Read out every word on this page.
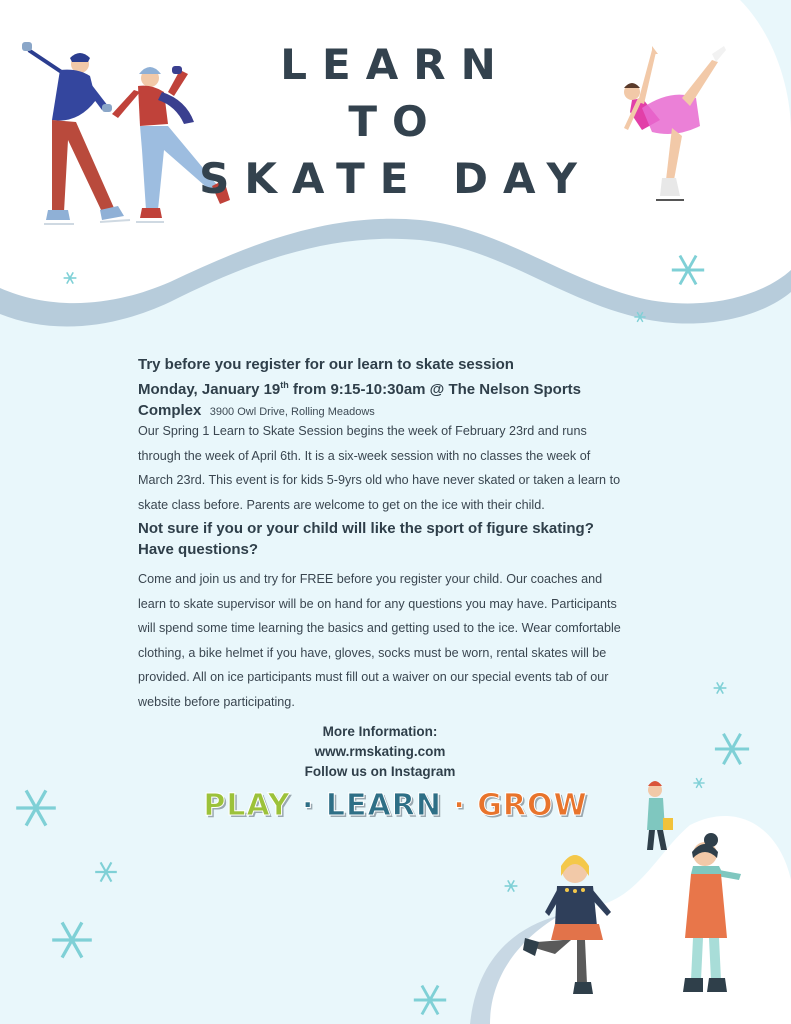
LEARN
TO
SKATE DAY
Try before you register for our learn to skate session
Monday, January 19th from 9:15-10:30am @ The Nelson Sports
Complex 3900 Owl Drive, Rolling Meadows
Our Spring 1 Learn to Skate Session begins the week of February 23rd and runs through the week of April 6th. It is a six-week session with no classes the week of March 23rd. This event is for kids 5-9yrs old who have never skated or taken a learn to skate class before. Parents are welcome to get on the ice with their child.
Not sure if you or your child will like the sport of figure skating? Have questions?
Come and join us and try for FREE before you register your child. Our coaches and learn to skate supervisor will be on hand for any questions you may have. Participants will spend some time learning the basics and getting used to the ice. Wear comfortable clothing, a bike helmet if you have, gloves, socks must be worn, rental skates will be provided. All on ice participants must fill out a waiver on our special events tab of our website before participating.
More Information:
www.rmskating.com
Follow us on Instagram
PLAY · LEARN · GROW
